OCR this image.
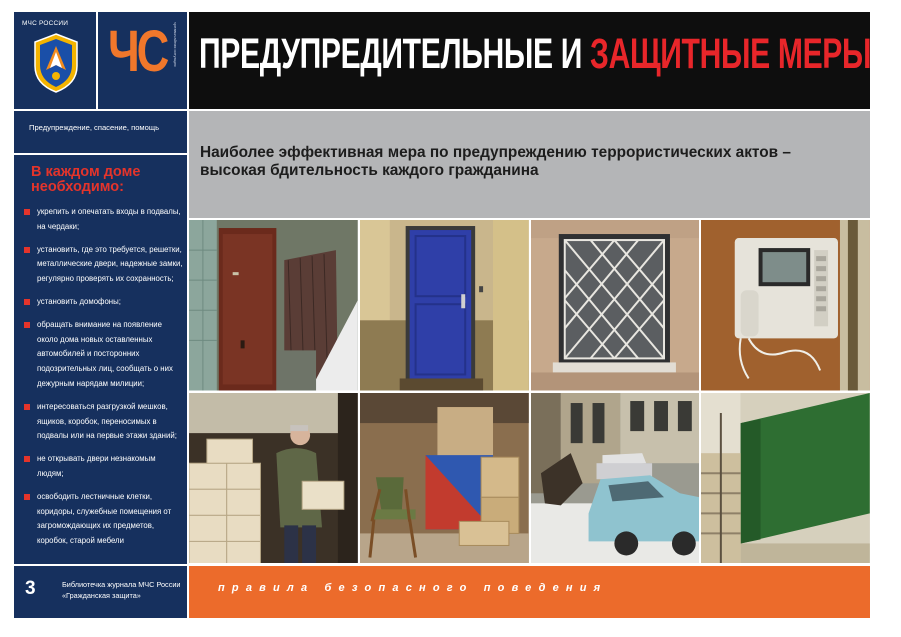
МЧС РОССИИ ЧС чрезвычайная ситуация
Предупреждение, спасение, помощь
В каждом доме необходимо:
укрепить и опечатать входы в подвалы, на чердаки;
установить, где это требуется, решетки, металлические двери, надежные замки, регулярно проверять их сохранность;
установить домофоны;
обращать внимание на появление около дома новых оставленных автомобилей и посторонних подозрительных лиц, сообщать о них дежурным нарядам милиции;
интересоваться разгрузкой мешков, ящиков, коробок, переносимых в подвалы или на первые этажи зданий;
не открывать двери незнакомым людям;
освободить лестничные клетки, коридоры, служебные помещения от загромождающих их предметов, коробок, старой мебели
3	Библиотечка журнала МЧС России «Гражданская защита»
ПРЕДУПРЕДИТЕЛЬНЫЕ И ЗАЩИТНЫЕ МЕРЫ
Наиболее эффективная мера по предупреждению террористических актов – высокая бдительность каждого гражданина
правила безопасного поведения
